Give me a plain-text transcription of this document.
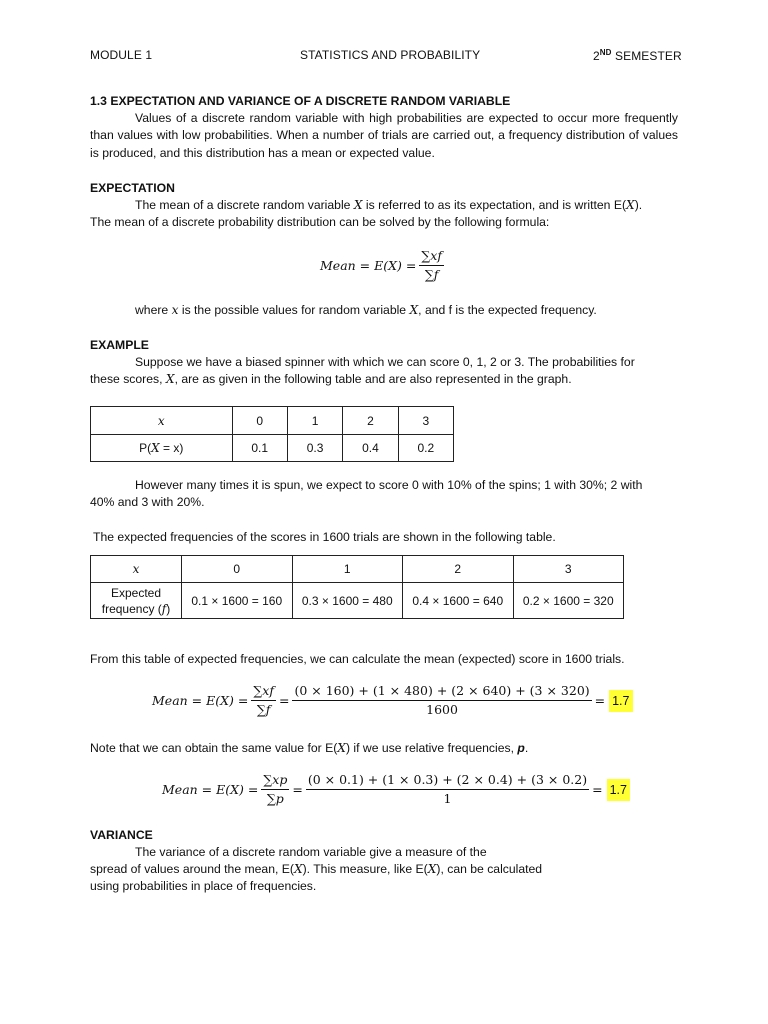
MODULE 1	STATISTICS AND PROBABILITY	2ND SEMESTER
1.3 EXPECTATION AND VARIANCE OF A DISCRETE RANDOM VARIABLE
Values of a discrete random variable with high probabilities are expected to occur more frequently than values with low probabilities. When a number of trials are carried out, a frequency distribution of values is produced, and this distribution has a mean or expected value.
EXPECTATION
The mean of a discrete random variable X is referred to as its expectation, and is written E(X).
The mean of a discrete probability distribution can be solved by the following formula:
Mean = $E(X) = \frac{\sum xf}{\sum f}$
where x is the possible values for random variable X, and f is the expected frequency.
EXAMPLE
Suppose we have a biased spinner with which we can score 0, 1, 2 or 3. The probabilities for
these scores, X, are as given in the following table and are also represented in the graph.
x	0	1	2	3
P(X = x)	0.1	0.3	0.4	0.2
However many times it is spun, we expect to score 0 with 10% of the spins; 1 with 30%; 2 with
40% and 3 with 20%.
The expected frequencies of the scores in 1600 trials are shown in the following table.
x	0	1	2	3
Expected
frequency (f)	0.1 × 1600 = 160	0.3 × 1600 = 480	0.4 × 1600 = 640	0.2 × 1600 = 320
From this table of expected frequencies, we can calculate the mean (expected) score in 1600 trials.
Mean = $E(X) = \frac{\sum xf}{\sum f} = \frac{(0 \times 160) + (1 \times 480) + (2 \times 640) + (3 \times 320)}{1600} = 1.7$
Note that we can obtain the same value for E(X) if we use relative frequencies, p.
Mean = $E(X) = \frac{\sum xp}{\sum p} = \frac{(0 \times 0.1) + (1 \times 0.3) + (2 \times 0.4) + (3 \times 0.2)}{1} = 1.7$
VARIANCE
The variance of a discrete random variable give a measure of the
spread of values around the mean, E(X). This measure, like E(X), can be calculated
using probabilities in place of frequencies.
